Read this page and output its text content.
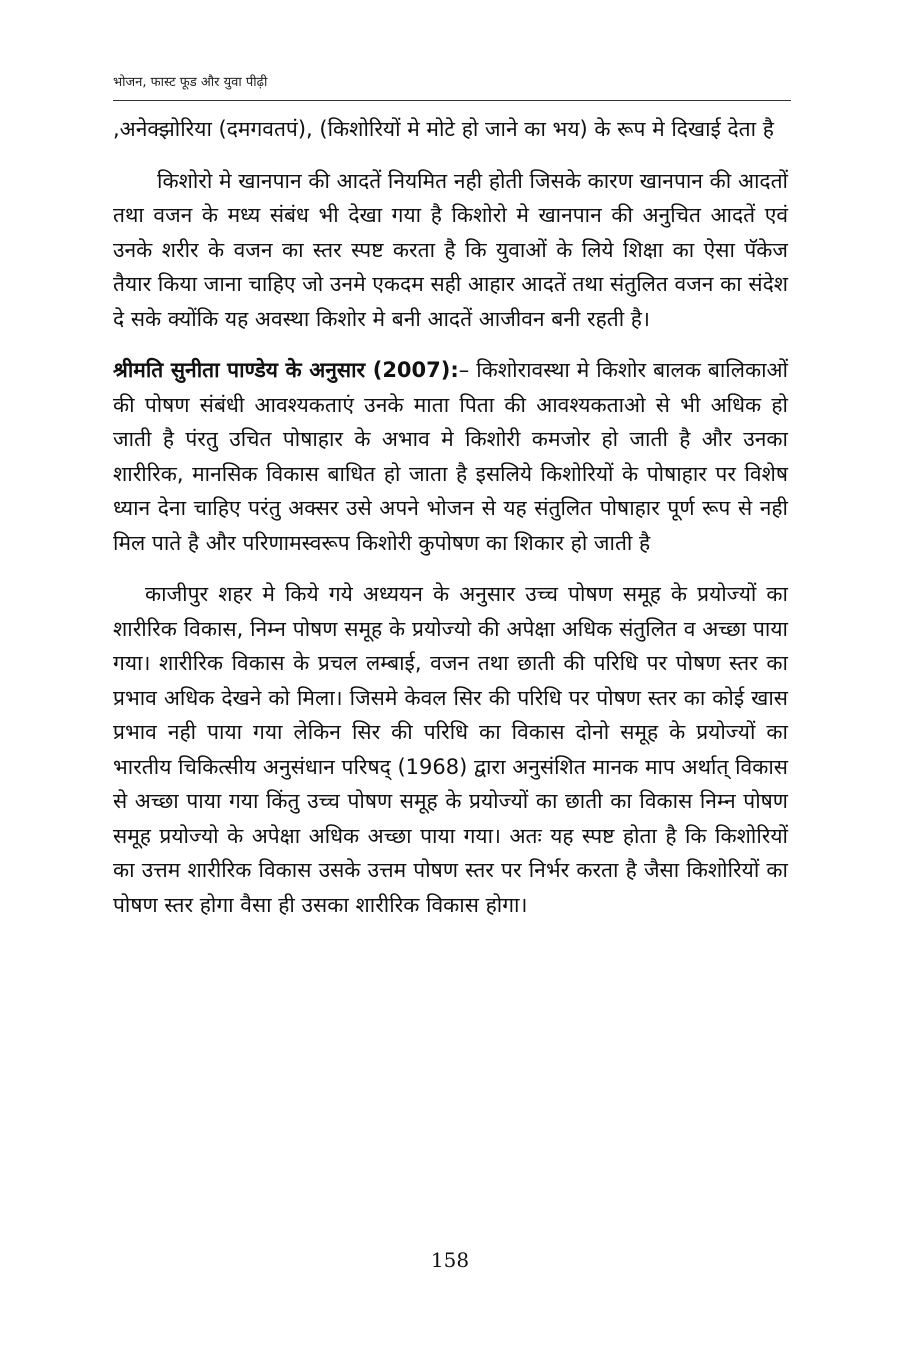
भोजन, फास्ट फूड और युवा पीढ़ी

,अनेक्झोरिया (दमगवतपं), (किशोरियों मे मोटे हो जाने का भय) के रूप मे दिखाई देता है

किशोरो मे खानपान की आदतें नियमित नही होती जिसके कारण खानपान की आदतों तथा वजन के मध्य संबंध भी देखा गया है किशोरो मे खानपान की अनुचित आदतें एवं उनके शरीर के वजन का स्तर स्पष्ट करता है कि युवाओं के लिये शिक्षा का ऐसा पॅकेज तैयार किया जाना चाहिए जो उनमे एकदम सही आहार आदतें तथा संतुलित वजन का संदेश दे सके क्योंकि यह अवस्था किशोर मे बनी आदतें आजीवन बनी रहती है।

श्रीमति सुनीता पाण्डेय के अनुसार (2007):– किशोरावस्था मे किशोर बालक बालिकाओं की पोषण संबंधी आवश्यकताएं उनके माता पिता की आवश्यकताओ से भी अधिक हो जाती है पंरतु उचित पोषाहार के अभाव मे किशोरी कमजोर हो जाती है और उनका शारीरिक, मानसिक विकास बाधित हो जाता है इसलिये किशोरियों के पोषाहार पर विशेष ध्यान देना चाहिए परंतु अक्सर उसे अपने भोजन से यह संतुलित पोषाहार पूर्ण रूप से नही मिल पाते है और परिणामस्वरूप किशोरी कुपोषण का शिकार हो जाती है

काजीपुर शहर मे किये गये अध्ययन के अनुसार उच्च पोषण समूह के प्रयोज्यों का शारीरिक विकास, निम्न पोषण समूह के प्रयोज्यो की अपेक्षा अधिक संतुलित व अच्छा पाया गया। शारीरिक विकास के प्रचल लम्बाई, वजन तथा छाती की परिधि पर पोषण स्तर का प्रभाव अधिक देखने को मिला। जिसमे केवल सिर की परिधि पर पोषण स्तर का कोई खास प्रभाव नही पाया गया लेकिन सिर की परिधि का विकास दोनो समूह के प्रयोज्यों का भारतीय चिकित्सीय अनुसंधान परिषद् (1968) द्वारा अनुसंशित मानक माप अर्थात् विकास से अच्छा पाया गया किंतु उच्च पोषण समूह के प्रयोज्यों का छाती का विकास निम्न पोषण समूह प्रयोज्यो के अपेक्षा अधिक अच्छा पाया गया। अतः यह स्पष्ट होता है कि किशोरियों का उत्तम शारीरिक विकास उसके उत्तम पोषण स्तर पर निर्भर करता है जैसा किशोरियों का पोषण स्तर होगा वैसा ही उसका शारीरिक विकास होगा।

158
